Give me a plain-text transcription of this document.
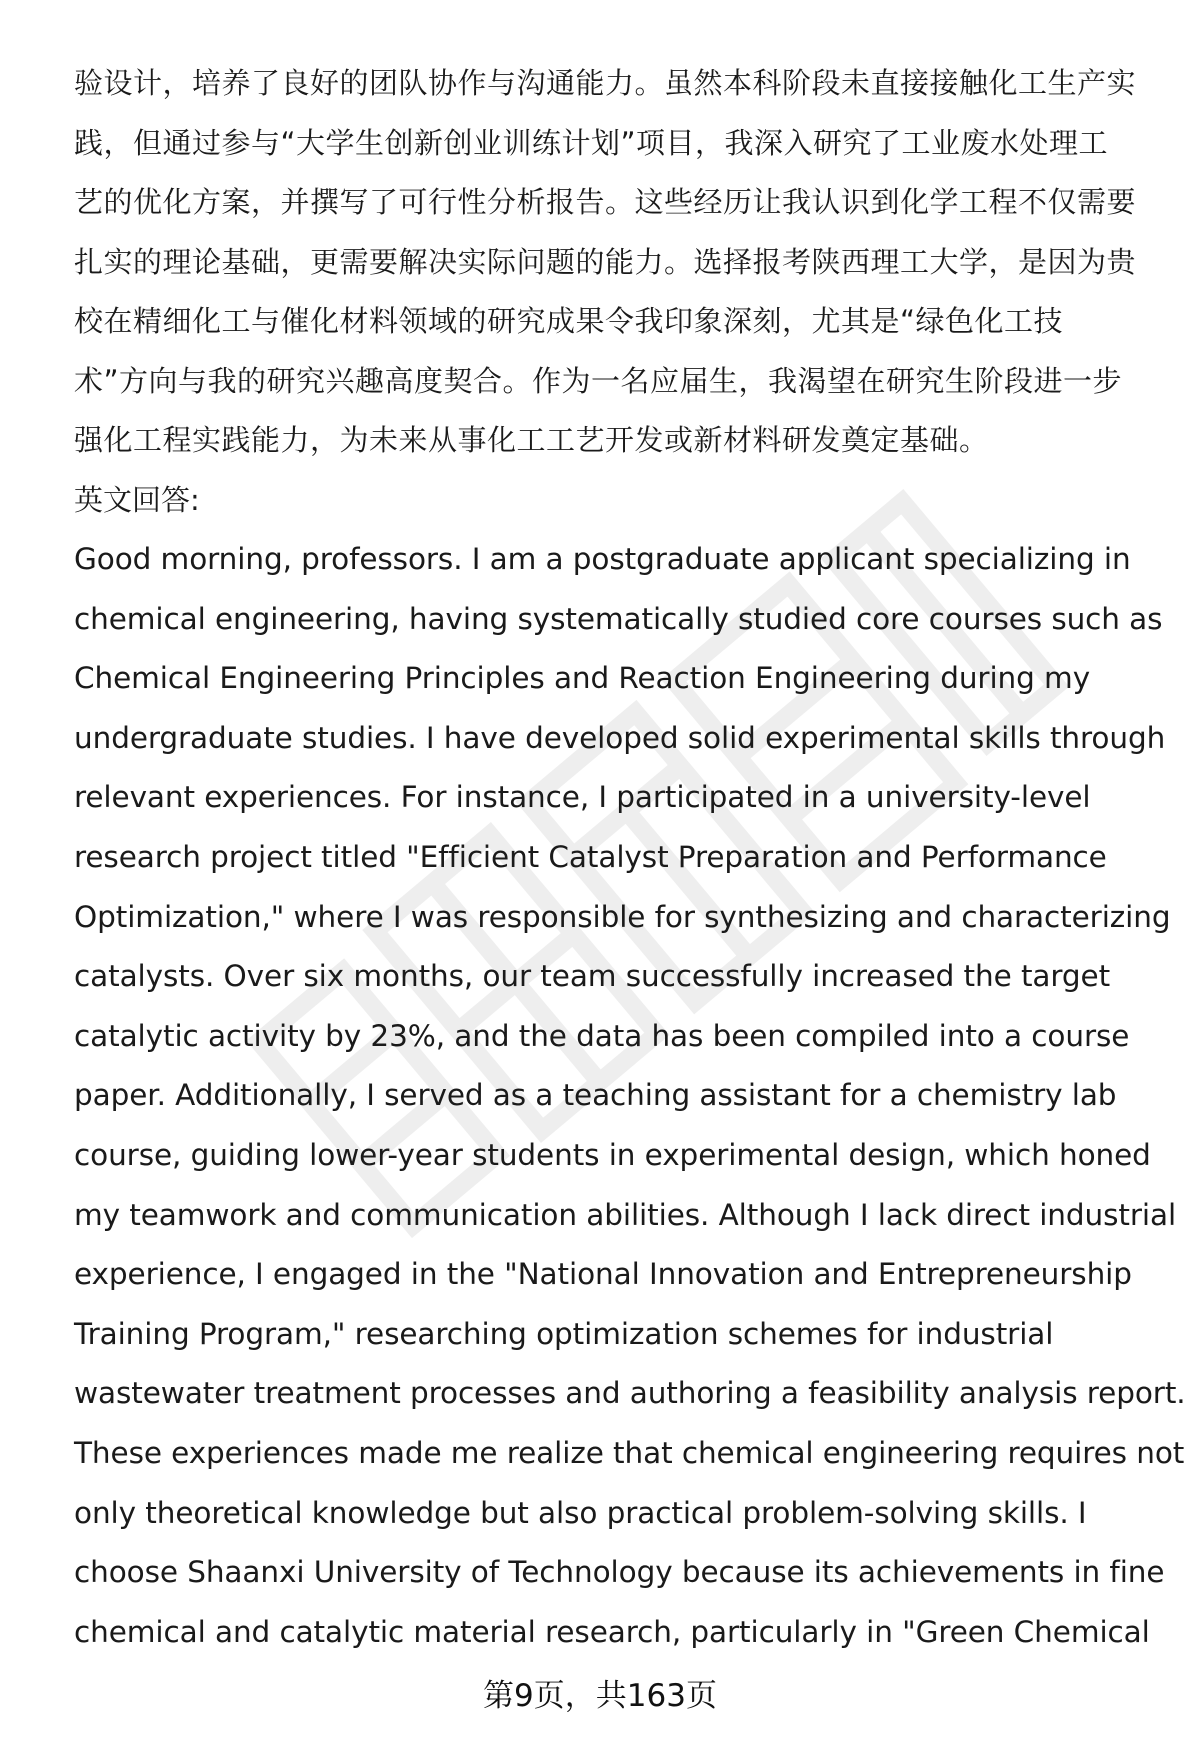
验设计，培养了良好的团队协作与沟通能力。虽然本科阶段未直接接触化工生产实
践，但通过参与“大学生创新创业训练计划”项目，我深入研究了工业废水处理工
艺的优化方案，并撰写了可行性分析报告。这些经历让我认识到化学工程不仅需要
扎实的理论基础，更需要解决实际问题的能力。选择报考陕西理工大学，是因为贵
校在精细化工与催化材料领域的研究成果令我印象深刻，尤其是“绿色化工技
术”方向与我的研究兴趣高度契合。作为一名应届生，我渴望在研究生阶段进一步
强化工程实践能力，为未来从事化工工艺开发或新材料研发奠定基础。
英文回答:
Good morning, professors. I am a postgraduate applicant specializing in
chemical engineering, having systematically studied core courses such as
Chemical Engineering Principles and Reaction Engineering during my
undergraduate studies. I have developed solid experimental skills through
relevant experiences. For instance, I participated in a university-level
research project titled "Efficient Catalyst Preparation and Performance
Optimization," where I was responsible for synthesizing and characterizing
catalysts. Over six months, our team successfully increased the target
catalytic activity by 23%, and the data has been compiled into a course
paper. Additionally, I served as a teaching assistant for a chemistry lab
course, guiding lower-year students in experimental design, which honed
my teamwork and communication abilities. Although I lack direct industrial
experience, I engaged in the "National Innovation and Entrepreneurship
Training Program," researching optimization schemes for industrial
wastewater treatment processes and authoring a feasibility analysis report.
These experiences made me realize that chemical engineering requires not
only theoretical knowledge but also practical problem-solving skills. I
choose Shaanxi University of Technology because its achievements in fine
chemical and catalytic material research, particularly in "Green Chemical
第9页，共163页
